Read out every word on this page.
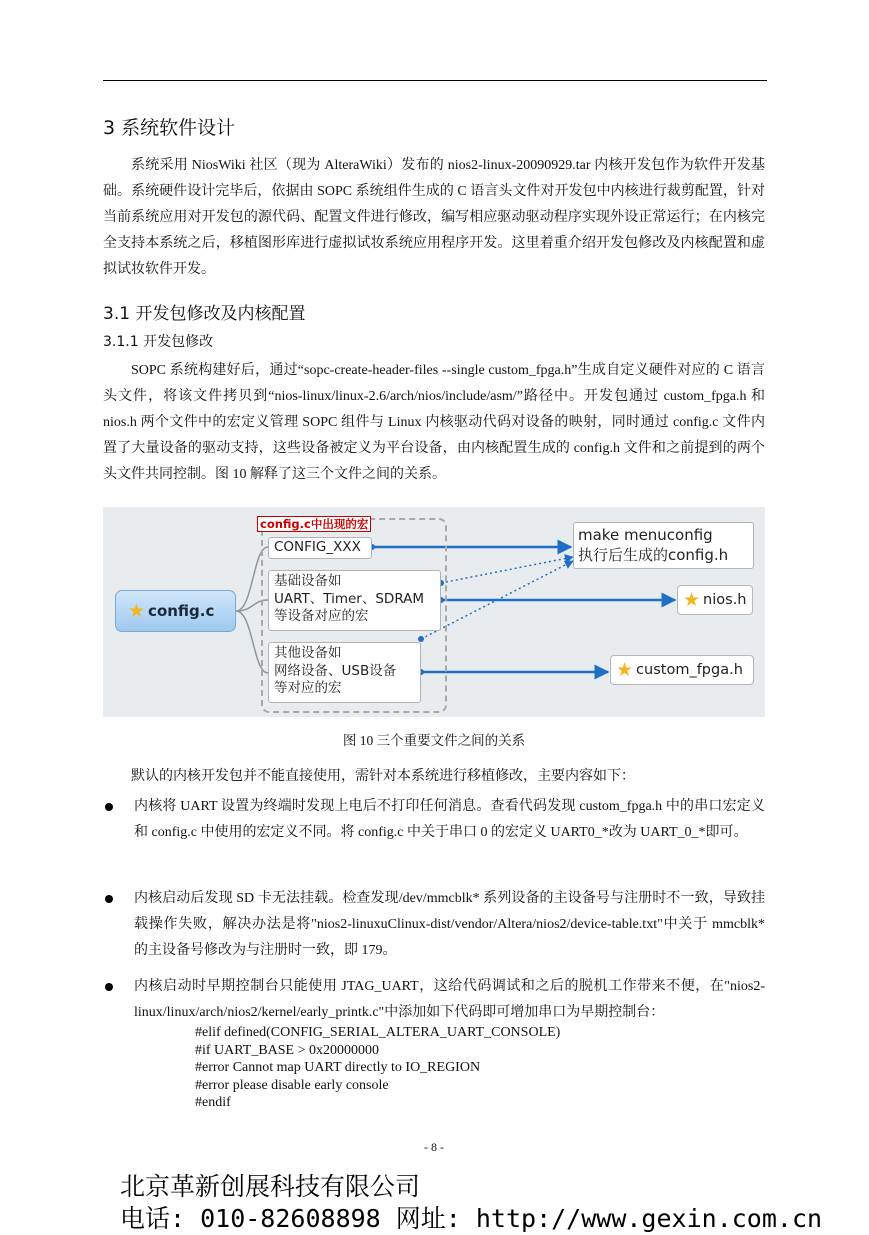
3 系统软件设计
系统采用 NiosWiki 社区（现为 AlteraWiki）发布的 nios2-linux-20090929.tar 内核开发包作为软件开发基础。系统硬件设计完毕后，依据由 SOPC 系统组件生成的 C 语言头文件对开发包中内核进行裁剪配置，针对当前系统应用对开发包的源代码、配置文件进行修改，编写相应驱动驱动程序实现外设正常运行；在内核完全支持本系统之后，移植图形库进行虚拟试妆系统应用程序开发。这里着重介绍开发包修改及内核配置和虚拟试妆软件开发。
3.1 开发包修改及内核配置
3.1.1 开发包修改
SOPC 系统构建好后，通过“sopc-create-header-files --single custom_fpga.h”生成自定义硬件对应的 C 语言头文件，将该文件拷贝到“nios-linux/linux-2.6/arch/nios/include/asm/”路径中。开发包通过 custom_fpga.h 和 nios.h 两个文件中的宏定义管理 SOPC 组件与 Linux 内核驱动代码对设备的映射，同时通过 config.c 文件内置了大量设备的驱动支持，这些设备被定义为平台设备，由内核配置生成的 config.h 文件和之前提到的两个头文件共同控制。图 10 解释了这三个文件之间的关系。
config.c中出现的宏
★ config.c
CONFIG_XXX
基础设备如
UART、Timer、SDRAM
等设备对应的宏
其他设备如
网络设备、USB设备
等对应的宏
make menuconfig
执行后生成的config.h
★ nios.h
★ custom_fpga.h
图 10 三个重要文件之间的关系
默认的内核开发包并不能直接使用，需针对本系统进行移植修改，主要内容如下：
内核将 UART 设置为终端时发现上电后不打印任何消息。查看代码发现 custom_fpga.h 中的串口宏定义和 config.c 中使用的宏定义不同。将 config.c 中关于串口 0 的宏定义 UART0_*改为 UART_0_*即可。
内核启动后发现 SD 卡无法挂载。检查发现/dev/mmcblk* 系列设备的主设备号与注册时不一致，导致挂载操作失败，解决办法是将"nios2-linuxuClinux-dist/vendor/Altera/nios2/device-table.txt"中关于 mmcblk*的主设备号修改为与注册时一致，即 179。
内核启动时早期控制台只能使用 JTAG_UART，这给代码调试和之后的脱机工作带来不便，在"nios2-linux/linux/arch/nios2/kernel/early_printk.c"中添加如下代码即可增加串口为早期控制台：
#elif defined(CONFIG_SERIAL_ALTERA_UART_CONSOLE)
#if UART_BASE > 0x20000000
#error Cannot map UART directly to IO_REGION
#error please disable early console
#endif
- 8 -
北京革新创展科技有限公司
电话: 010-82608898 网址: http://www.gexin.com.cn
